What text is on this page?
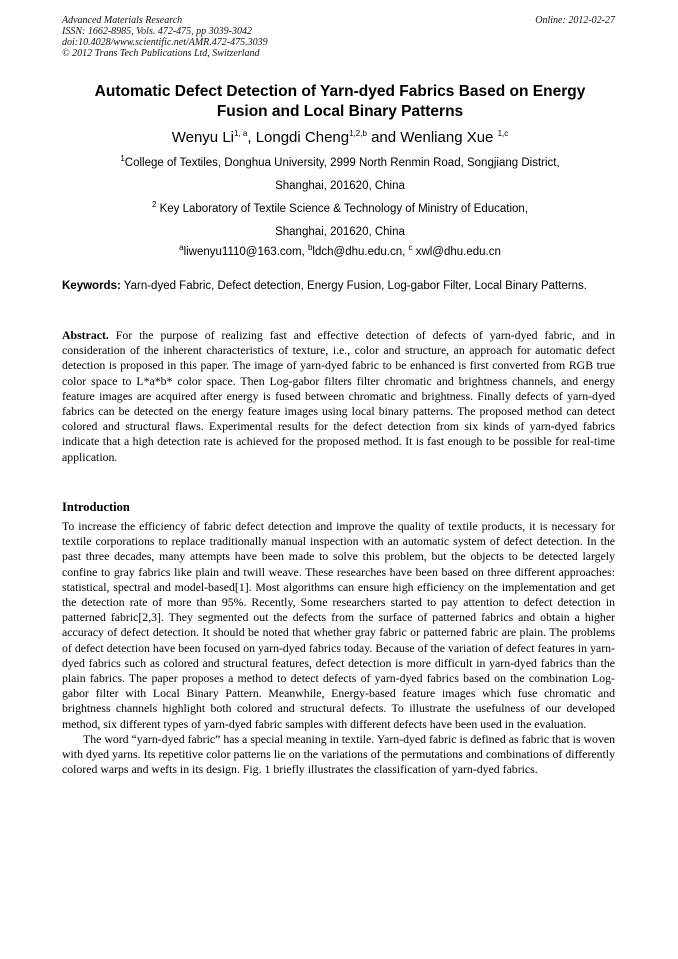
Advanced Materials Research
ISSN: 1662-8985, Vols. 472-475, pp 3039-3042
doi:10.4028/www.scientific.net/AMR.472-475.3039
© 2012 Trans Tech Publications Ltd, Switzerland
Online: 2012-02-27
Automatic Defect Detection of Yarn-dyed Fabrics Based on Energy Fusion and Local Binary Patterns
Wenyu Li$^{1, a}$, Longdi Cheng$^{1,2,b}$ and Wenliang Xue $^{1,c}$
$^1$College of Textiles, Donghua University, 2999 North Renmin Road, Songjiang District,
Shanghai, 201620, China
$^2$ Key Laboratory of Textile Science & Technology of Ministry of Education,
Shanghai, 201620, China
$^a$liwenyu1110@163.com, $^b$ldch@dhu.edu.cn, $^c$ xwl@dhu.edu.cn
Keywords: Yarn-dyed Fabric, Defect detection, Energy Fusion, Log-gabor Filter, Local Binary Patterns.
Abstract. For the purpose of realizing fast and effective detection of defects of yarn-dyed fabric, and in consideration of the inherent characteristics of texture, i.e., color and structure, an approach for automatic defect detection is proposed in this paper. The image of yarn-dyed fabric to be enhanced is first converted from RGB true color space to L*a*b* color space. Then Log-gabor filters filter chromatic and brightness channels, and energy feature images are acquired after energy is fused between chromatic and brightness. Finally defects of yarn-dyed fabrics can be detected on the energy feature images using local binary patterns. The proposed method can detect colored and structural flaws. Experimental results for the defect detection from six kinds of yarn-dyed fabrics indicate that a high detection rate is achieved for the proposed method. It is fast enough to be possible for real-time application.
Introduction

To increase the efficiency of fabric defect detection and improve the quality of textile products, it is necessary for textile corporations to replace traditionally manual inspection with an automatic system of defect detection. In the past three decades, many attempts have been made to solve this problem, but the objects to be detected largely confine to gray fabrics like plain and twill weave. These researches have been based on three different approaches: statistical, spectral and model-based[1]. Most algorithms can ensure high efficiency on the implementation and get the detection rate of more than 95%. Recently, Some researchers started to pay attention to defect detection in patterned fabric[2,3]. They segmented out the defects from the surface of patterned fabrics and obtain a higher accuracy of defect detection. It should be noted that whether gray fabric or patterned fabric are plain. The problems of defect detection have been focused on yarn-dyed fabrics today. Because of the variation of defect features in yarn-dyed fabrics such as colored and structural features, defect detection is more difficult in yarn-dyed fabrics than the plain fabrics. The paper proposes a method to detect defects of yarn-dyed fabrics based on the combination Log-gabor filter with Local Binary Pattern. Meanwhile, Energy-based feature images which fuse chromatic and brightness channels highlight both colored and structural defects. To illustrate the usefulness of our developed method, six different types of yarn-dyed fabric samples with different defects have been used in the evaluation.

The word “yarn-dyed fabric” has a special meaning in textile. Yarn-dyed fabric is defined as fabric that is woven with dyed yarns. Its repetitive color patterns lie on the variations of the permutations and combinations of differently colored warps and wefts in its design. Fig. 1 briefly illustrates the classification of yarn-dyed fabrics.
